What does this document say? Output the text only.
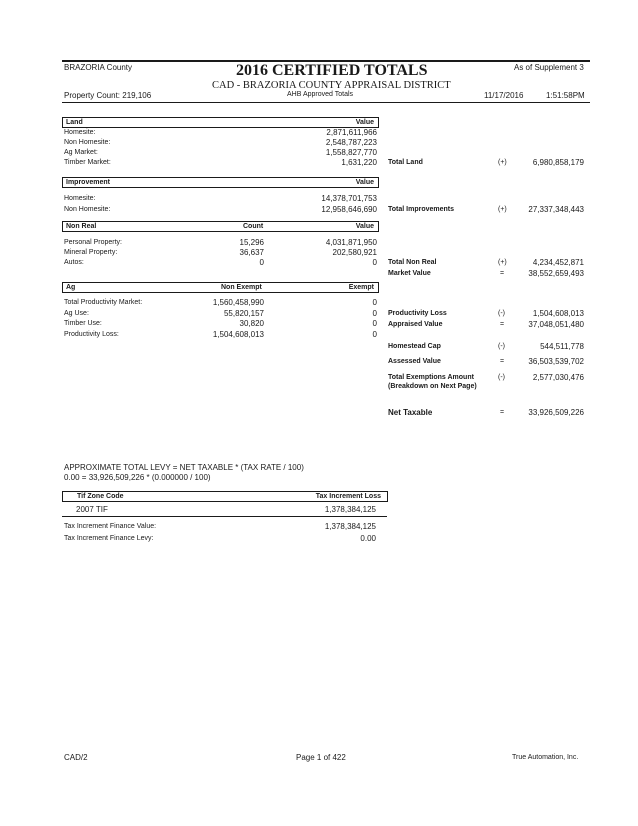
BRAZORIA County	2016 CERTIFIED TOTALS	As of Supplement 3
CAD - BRAZORIA COUNTY APPRAISAL DISTRICT
Property Count: 219,106	AHB Approved Totals	11/17/2016	1:51:58PM
Land	Value
Homesite:	2,871,611,966
Non Homesite:	2,548,787,223
Ag Market:	1,558,827,770
Timber Market:	1,631,220 Total Land	(+)	6,980,858,179
Improvement	Value
Homesite:	14,378,701,753
Non Homesite:	12,958,646,690 Total Improvements	(+)	27,337,348,443
Non Real	Count	Value
Personal Property:	15,296	4,031,871,950
Mineral Property:	36,637	202,580,921
Autos:	0	0 Total Non Real	(+)	4,234,452,871
Market Value	=	38,552,659,493
Ag	Non Exempt	Exempt
Total Productivity Market:	1,560,458,990	0
Ag Use:	55,820,157	0
Timber Use:	30,820	0
Productivity Loss:	1,504,608,013	0
Productivity Loss	(-)	1,504,608,013
Appraised Value	=	37,048,051,480
Homestead Cap	(-)	544,511,778
Assessed Value	=	36,503,539,702
Total Exemptions Amount
(Breakdown on Next Page)
(-)	2,577,030,476
Net Taxable	=	33,926,509,226
APPROXIMATE TOTAL LEVY = NET TAXABLE * (TAX RATE / 100)
0.00 = 33,926,509,226 * (0.000000 / 100)
Tif Zone Code	Tax Increment Loss
2007 TIF	1,378,384,125
Tax Increment Finance Value:	1,378,384,125
Tax Increment Finance Levy:	0.00
CAD/2	Page 1 of 422	True Automation, Inc.
